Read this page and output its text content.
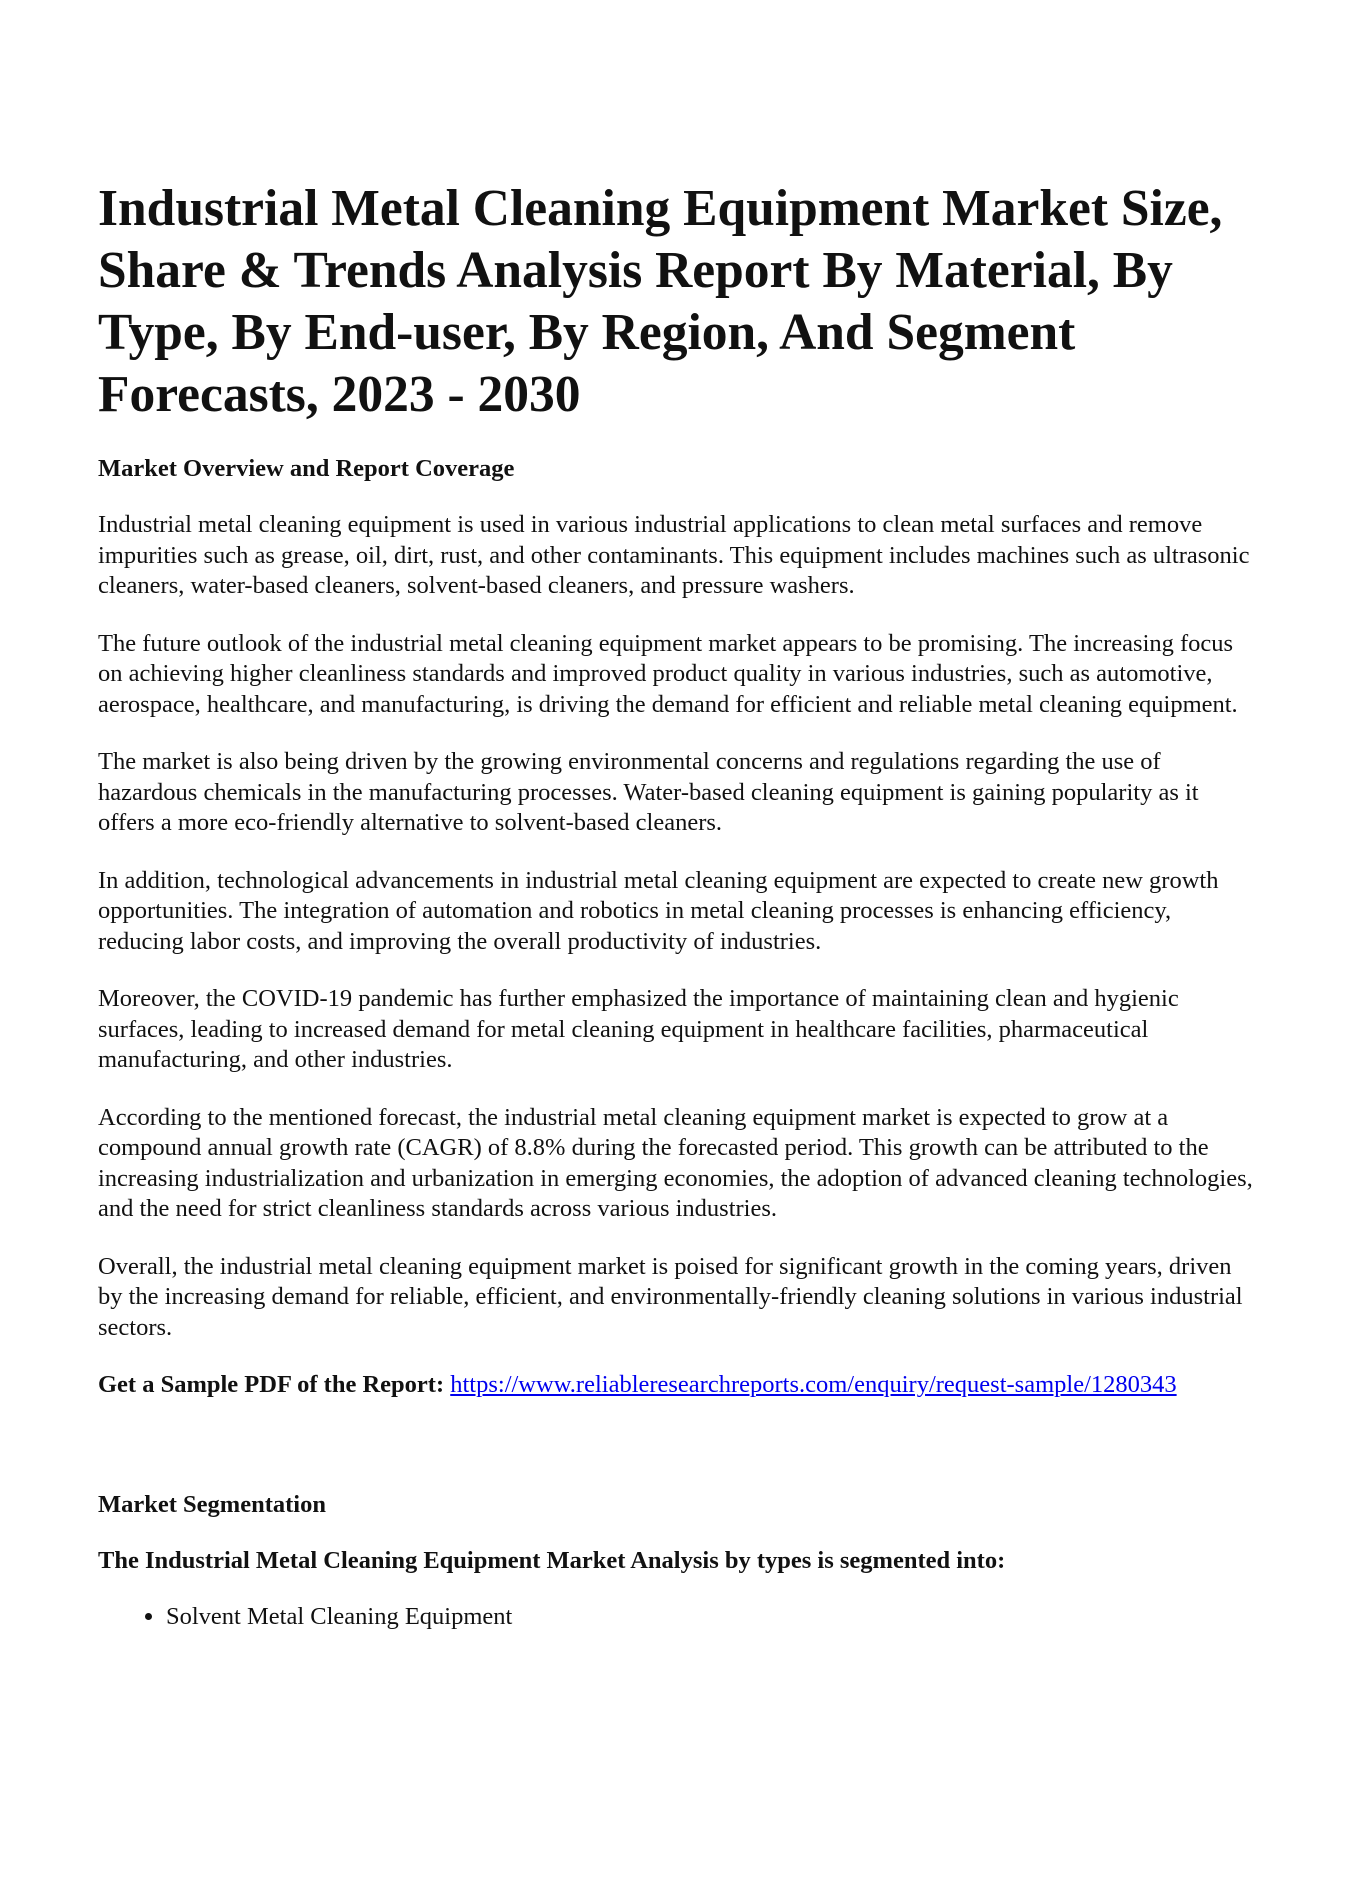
Industrial Metal Cleaning Equipment Market Size, Share & Trends Analysis Report By Material, By Type, By End-user, By Region, And Segment Forecasts, 2023 - 2030
Market Overview and Report Coverage

Industrial metal cleaning equipment is used in various industrial applications to clean metal surfaces and remove impurities such as grease, oil, dirt, rust, and other contaminants. This equipment includes machines such as ultrasonic cleaners, water-based cleaners, solvent-based cleaners, and pressure washers.

The future outlook of the industrial metal cleaning equipment market appears to be promising. The increasing focus on achieving higher cleanliness standards and improved product quality in various industries, such as automotive, aerospace, healthcare, and manufacturing, is driving the demand for efficient and reliable metal cleaning equipment.

The market is also being driven by the growing environmental concerns and regulations regarding the use of hazardous chemicals in the manufacturing processes. Water-based cleaning equipment is gaining popularity as it offers a more eco-friendly alternative to solvent-based cleaners.

In addition, technological advancements in industrial metal cleaning equipment are expected to create new growth opportunities. The integration of automation and robotics in metal cleaning processes is enhancing efficiency, reducing labor costs, and improving the overall productivity of industries.

Moreover, the COVID-19 pandemic has further emphasized the importance of maintaining clean and hygienic surfaces, leading to increased demand for metal cleaning equipment in healthcare facilities, pharmaceutical manufacturing, and other industries.

According to the mentioned forecast, the industrial metal cleaning equipment market is expected to grow at a compound annual growth rate (CAGR) of 8.8% during the forecasted period. This growth can be attributed to the increasing industrialization and urbanization in emerging economies, the adoption of advanced cleaning technologies, and the need for strict cleanliness standards across various industries.

Overall, the industrial metal cleaning equipment market is poised for significant growth in the coming years, driven by the increasing demand for reliable, efficient, and environmentally-friendly cleaning solutions in various industrial sectors.

Get a Sample PDF of the Report: https://www.reliableresearchreports.com/enquiry/request-sample/1280343

Market Segmentation
The Industrial Metal Cleaning Equipment Market Analysis by types is segmented into:
• Solvent Metal Cleaning Equipment
